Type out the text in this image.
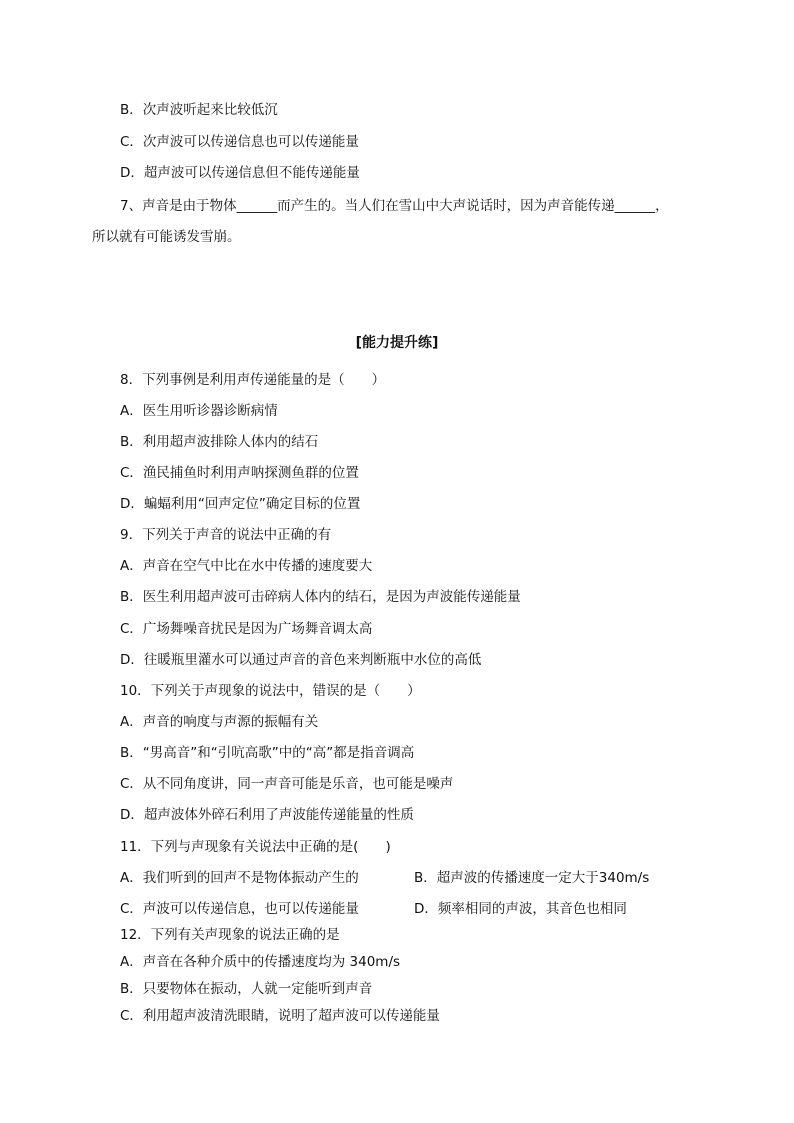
B．次声波听起来比较低沉
C．次声波可以传递信息也可以传递能量
D．超声波可以传递信息但不能传递能量
7、声音是由于物体______而产生的。当人们在雪山中大声说话时，因为声音能传递______，
所以就有可能诱发雪崩。
[能力提升练]
8．下列事例是利用声传递能量的是（　　）
A．医生用听诊器诊断病情
B．利用超声波排除人体内的结石
C．渔民捕鱼时利用声呐探测鱼群的位置
D．蝙蝠利用“回声定位”确定目标的位置
9．下列关于声音的说法中正确的有
A．声音在空气中比在水中传播的速度要大
B．医生利用超声波可击碎病人体内的结石，是因为声波能传递能量
C．广场舞噪音扰民是因为广场舞音调太高
D．往暖瓶里灌水可以通过声音的音色来判断瓶中水位的高低
10．下列关于声现象的说法中，错误的是（　　）
A．声音的响度与声源的振幅有关
B．“男高音”和“引吭高歌”中的“高”都是指音调高
C．从不同角度讲，同一声音可能是乐音，也可能是噪声
D．超声波体外碎石利用了声波能传递能量的性质
11．下列与声现象有关说法中正确的是(　　)
A．我们听到的回声不是物体振动产生的	B．超声波的传播速度一定大于340m/s
C．声波可以传递信息，也可以传递能量	D．频率相同的声波，其音色也相同
12．下列有关声现象的说法正确的是
A．声音在各种介质中的传播速度均为 340m/s
B．只要物体在振动，人就一定能听到声音
C．利用超声波清洗眼睛，说明了超声波可以传递能量
